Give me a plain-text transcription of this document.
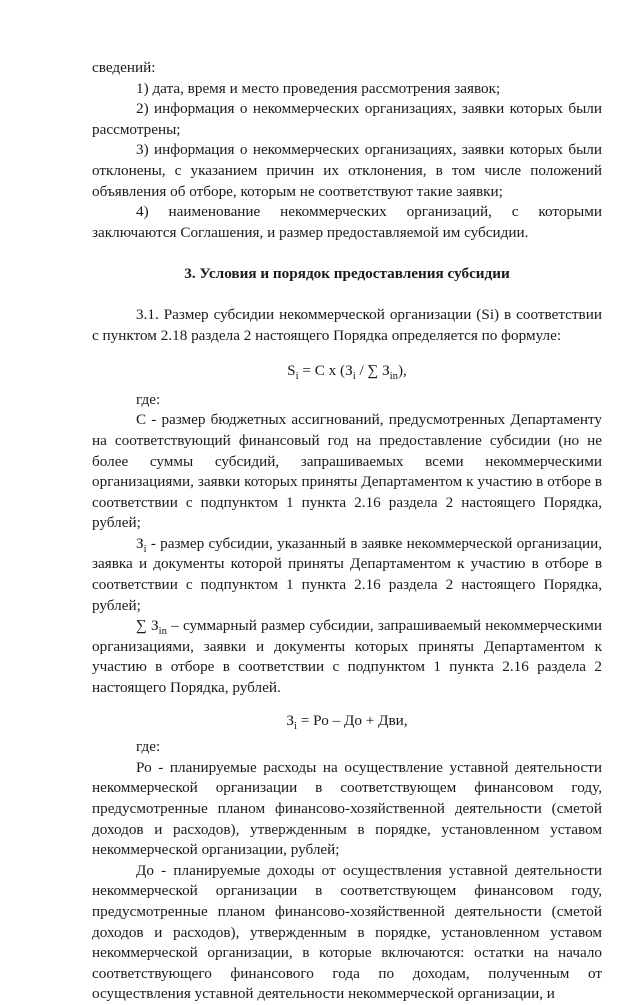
сведений:

1) дата, время и место проведения рассмотрения заявок;

2) информация о некоммерческих организациях, заявки которых были рассмотрены;

3) информация о некоммерческих организациях, заявки которых были отклонены, с указанием причин их отклонения, в том числе положений объявления об отборе, которым не соответствуют такие заявки;

4) наименование некоммерческих организаций, с которыми заключаются Соглашения, и размер предоставляемой им субсидии.

3. Условия и порядок предоставления субсидии

3.1. Размер субсидии некоммерческой организации (Si) в соответствии с пунктом 2.18 раздела 2 настоящего Порядка определяется по формуле:

$S_i = С$ х ($З_i$ / ∑ $З_{in}$),

где:

С - размер бюджетных ассигнований, предусмотренных Департаменту на соответствующий финансовый год на предоставление субсидии (но не более суммы субсидий, запрашиваемых всеми некоммерческими организациями, заявки которых приняты Департаментом к участию в отборе в соответствии с подпунктом 1 пункта 2.16 раздела 2 настоящего Порядка, рублей;

$З_i$ - размер субсидии, указанный в заявке некоммерческой организации, заявка и документы которой приняты Департаментом к участию в отборе в соответствии с подпунктом 1 пункта 2.16 раздела 2 настоящего Порядка, рублей;

∑ $З_{in}$ – суммарный размер субсидии, запрашиваемый некоммерческими организациями, заявки и документы которых приняты Департаментом к участию в отборе в соответствии с подпунктом 1 пункта 2.16 раздела 2 настоящего Порядка, рублей.

$З_i$ = Ро – До + Дви,

где:

Ро - планируемые расходы на осуществление уставной деятельности некоммерческой организации в соответствующем финансовом году, предусмотренные планом финансово-хозяйственной деятельности (сметой доходов и расходов), утвержденным в порядке, установленном уставом некоммерческой организации, рублей;

До - планируемые доходы от осуществления уставной деятельности некоммерческой организации в соответствующем финансовом году, предусмотренные планом финансово-хозяйственной деятельности (сметой доходов и расходов), утвержденным в порядке, установленном уставом некоммерческой организации, в которые включаются: остатки на начало соответствующего финансового года по доходам, полученным от осуществления уставной деятельности некоммерческой организации, и
